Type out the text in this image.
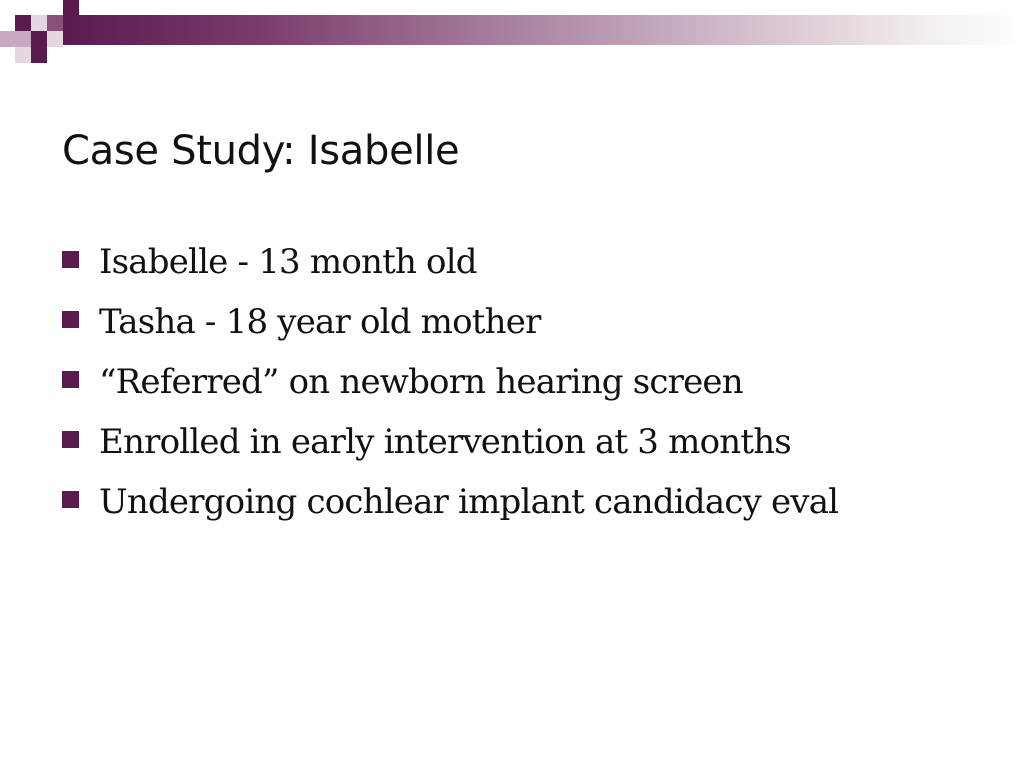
Case Study: Isabelle
Isabelle - 13 month old
Tasha - 18 year old mother
“Referred” on newborn hearing screen
Enrolled in early intervention at 3 months
Undergoing cochlear implant candidacy eval
